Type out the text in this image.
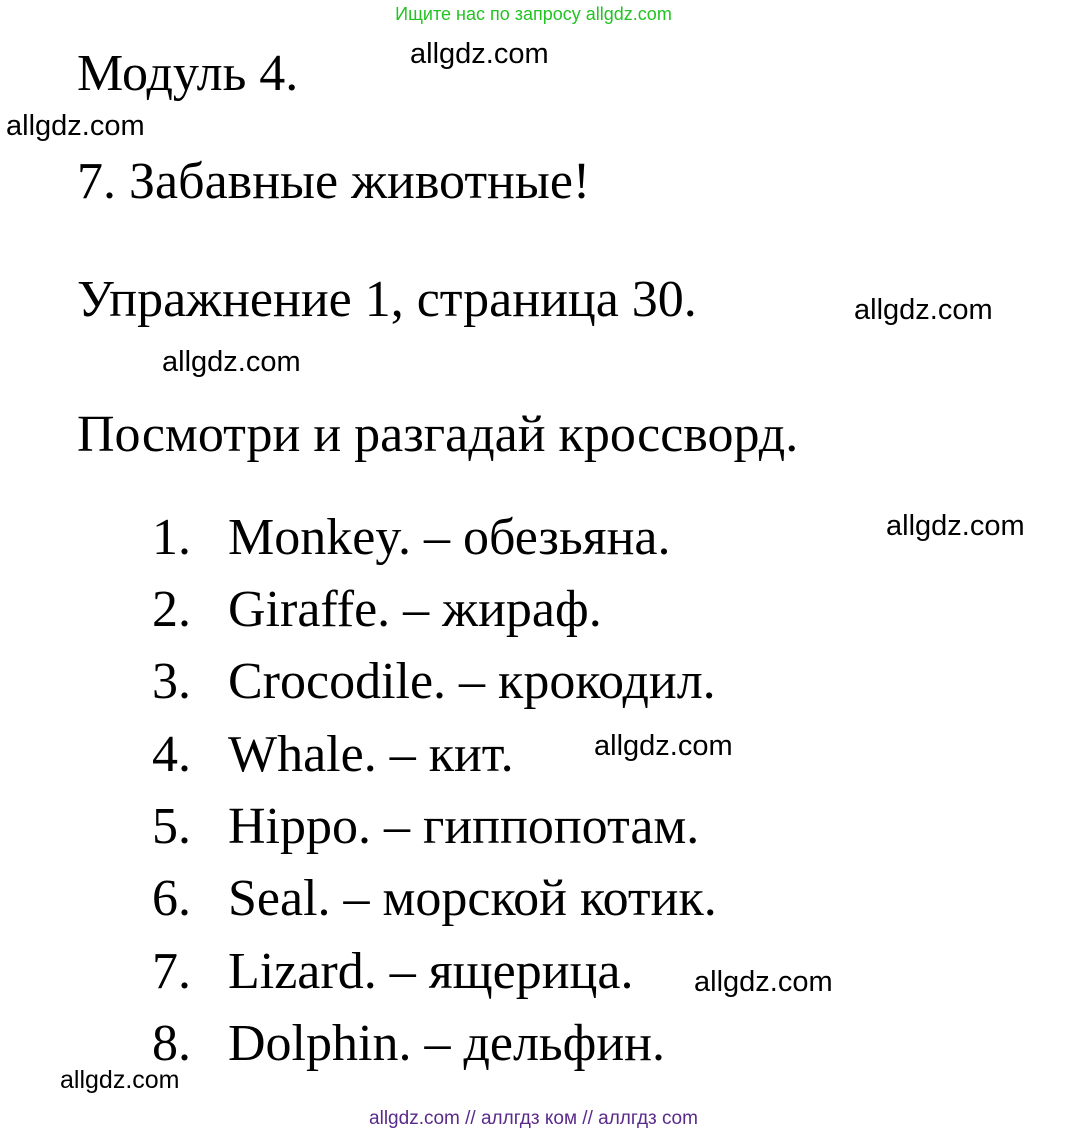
Ищите нас по запросу allgdz.com
Модуль 4.
7. Забавные животные!
Упражнение 1, страница 30.
Посмотри и разгадай кроссворд.
1. Monkey. – обезьяна.
2. Giraffe. – жираф.
3. Crocodile. – крокодил.
4. Whale. – кит.
5. Hippo. – гиппопотам.
6. Seal. – морской котик.
7. Lizard. – ящерица.
8. Dolphin. – дельфин.
allgdz.com
allgdz.com
allgdz.com
allgdz.com
allgdz.com
allgdz.com
allgdz.com
allgdz.com
allgdz.com // аллгдз ком // аллгдз com
